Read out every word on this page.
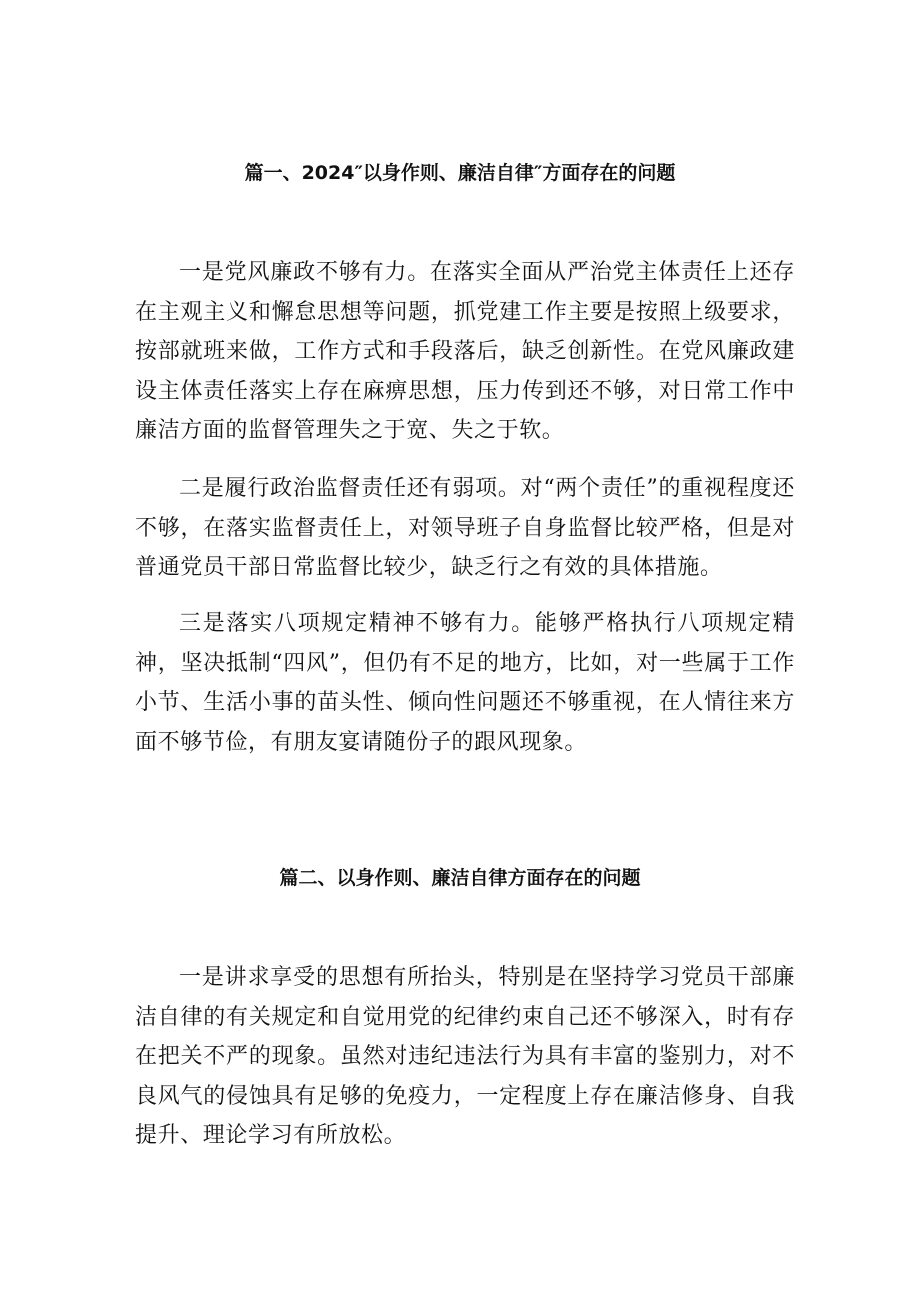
篇一、2024″以身作则、廉洁自律″方面存在的问题

一是党风廉政不够有力。在落实全面从严治党主体责任上还存在主观主义和懈怠思想等问题，抓党建工作主要是按照上级要求，按部就班来做，工作方式和手段落后，缺乏创新性。在党风廉政建设主体责任落实上存在麻痹思想，压力传到还不够，对日常工作中廉洁方面的监督管理失之于宽、失之于软。

二是履行政治监督责任还有弱项。对“两个责任”的重视程度还不够，在落实监督责任上，对领导班子自身监督比较严格，但是对普通党员干部日常监督比较少，缺乏行之有效的具体措施。

三是落实八项规定精神不够有力。能够严格执行八项规定精神，坚决抵制“四风”，但仍有不足的地方，比如，对一些属于工作小节、生活小事的苗头性、倾向性问题还不够重视，在人情往来方面不够节俭，有朋友宴请随份子的跟风现象。

篇二、以身作则、廉洁自律方面存在的问题

一是讲求享受的思想有所抬头，特别是在坚持学习党员干部廉洁自律的有关规定和自觉用党的纪律约束自己还不够深入，时有存在把关不严的现象。虽然对违纪违法行为具有丰富的鉴别力，对不良风气的侵蚀具有足够的免疫力，一定程度上存在廉洁修身、自我提升、理论学习有所放松。
